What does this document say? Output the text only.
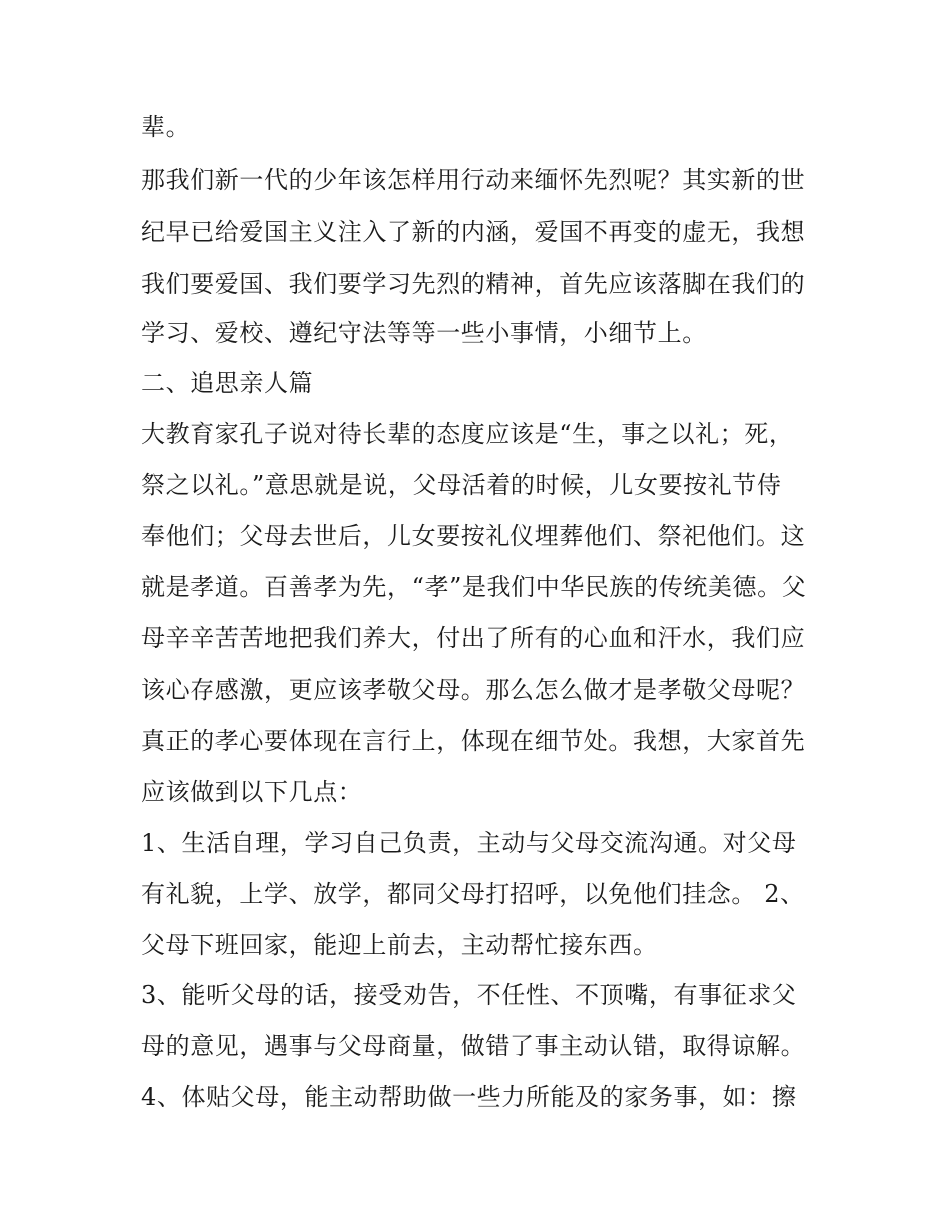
辈。
那我们新一代的少年该怎样用行动来缅怀先烈呢？其实新的世
纪早已给爱国主义注入了新的内涵，爱国不再变的虚无，我想
我们要爱国、我们要学习先烈的精神，首先应该落脚在我们的
学习、爱校、遵纪守法等等一些小事情，小细节上。
二、追思亲人篇
大教育家孔子说对待长辈的态度应该是“生，事之以礼；死，
祭之以礼。”意思就是说，父母活着的时候，儿女要按礼节侍
奉他们；父母去世后，儿女要按礼仪埋葬他们、祭祀他们。这
就是孝道。百善孝为先，“孝”是我们中华民族的传统美德。父
母辛辛苦苦地把我们养大，付出了所有的心血和汗水，我们应
该心存感激，更应该孝敬父母。那么怎么做才是孝敬父母呢？
真正的孝心要体现在言行上，体现在细节处。我想，大家首先
应该做到以下几点：
1、生活自理，学习自己负责，主动与父母交流沟通。对父母
有礼貌，上学、放学，都同父母打招呼，以免他们挂念。 2、
父母下班回家，能迎上前去，主动帮忙接东西。
3、能听父母的话，接受劝告，不任性、不顶嘴，有事征求父
母的意见，遇事与父母商量，做错了事主动认错，取得谅解。
4、体贴父母，能主动帮助做一些力所能及的家务事，如：擦
